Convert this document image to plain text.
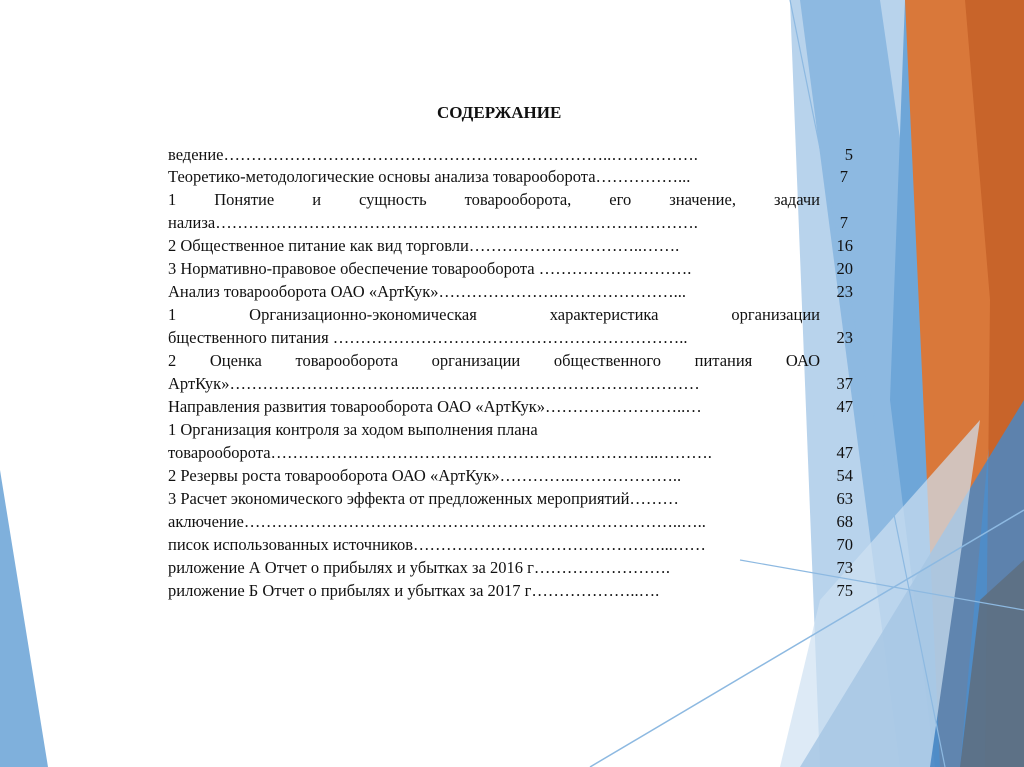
СОДЕРЖАНИЕ
ведение……………………………………………………………..…………….	5
Теоретико-методологические основы анализа товарооборота……………...	7
1 Понятие и сущность товарооборота, его значение, задачи
нализа…………………………………………………………………………….	7
2 Общественное питание как вид торговли…………………………..…….	16
3 Нормативно-правовое обеспечение товарооборота ……………………….	20
Анализ товарооборота ОАО «АртКук»………………….…………………...	23
1 Организационно-экономическая характеристика организации
бщественного питания ………………………………………………………..	23
2 Оценка товарооборота организации общественного питания ОАО
АртКук»……………………………..……………………………………………	37
Направления развития товарооборота ОАО «АртКук»……………………..…	47
1 Организация контроля за ходом выполнения плана
товарооборота……………………………………………………………..……….	47
2 Резервы роста товарооборота ОАО «АртКук»…………..………………..	54
3 Расчет экономического эффекта от предложенных мероприятий………	63
аключение……………………………………………………………………..…..	68
писок использованных источников………………………………………...……	70
риложение А Отчет о прибылях и убытках за 2016 г…………………….	73
риложение Б Отчет о прибылях и убытках за 2017 г………………..….	75
